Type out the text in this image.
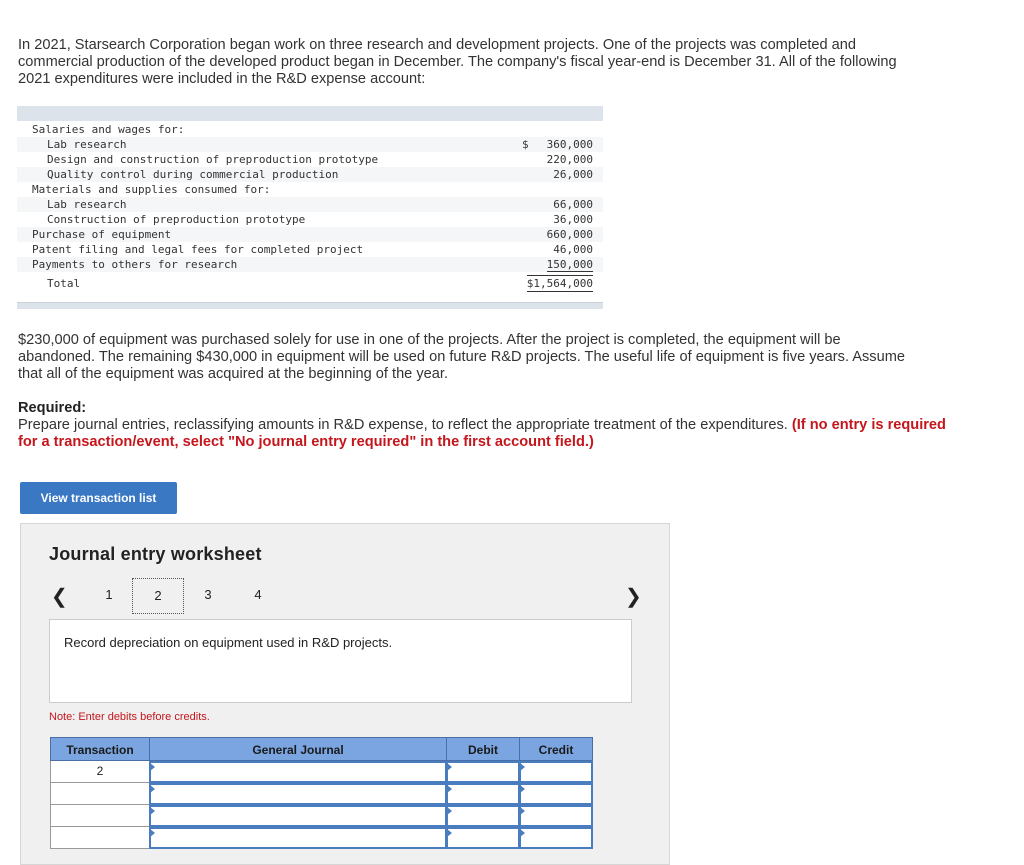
In 2021, Starsearch Corporation began work on three research and development projects. One of the projects was completed and commercial production of the developed product began in December. The company's fiscal year-end is December 31. All of the following 2021 expenditures were included in the R&D expense account:
Salaries and wages for:
Lab research	$ 360,000
Design and construction of preproduction prototype	220,000
Quality control during commercial production	26,000
Materials and supplies consumed for:
Lab research	66,000
Construction of preproduction prototype	36,000
Purchase of equipment	660,000
Patent filing and legal fees for completed project	46,000
Payments to others for research	150,000
Total	$1,564,000
$230,000 of equipment was purchased solely for use in one of the projects. After the project is completed, the equipment will be abandoned. The remaining $430,000 in equipment will be used on future R&D projects. The useful life of equipment is five years. Assume that all of the equipment was acquired at the beginning of the year.
Required:
Prepare journal entries, reclassifying amounts in R&D expense, to reflect the appropriate treatment of the expenditures. (If no entry is required for a transaction/event, select "No journal entry required" in the first account field.)
View transaction list
Journal entry worksheet
❮	1	2	3	4	❯
Record depreciation on equipment used in R&D projects.
Note: Enter debits before credits.
Transaction	General Journal	Debit	Credit
2
